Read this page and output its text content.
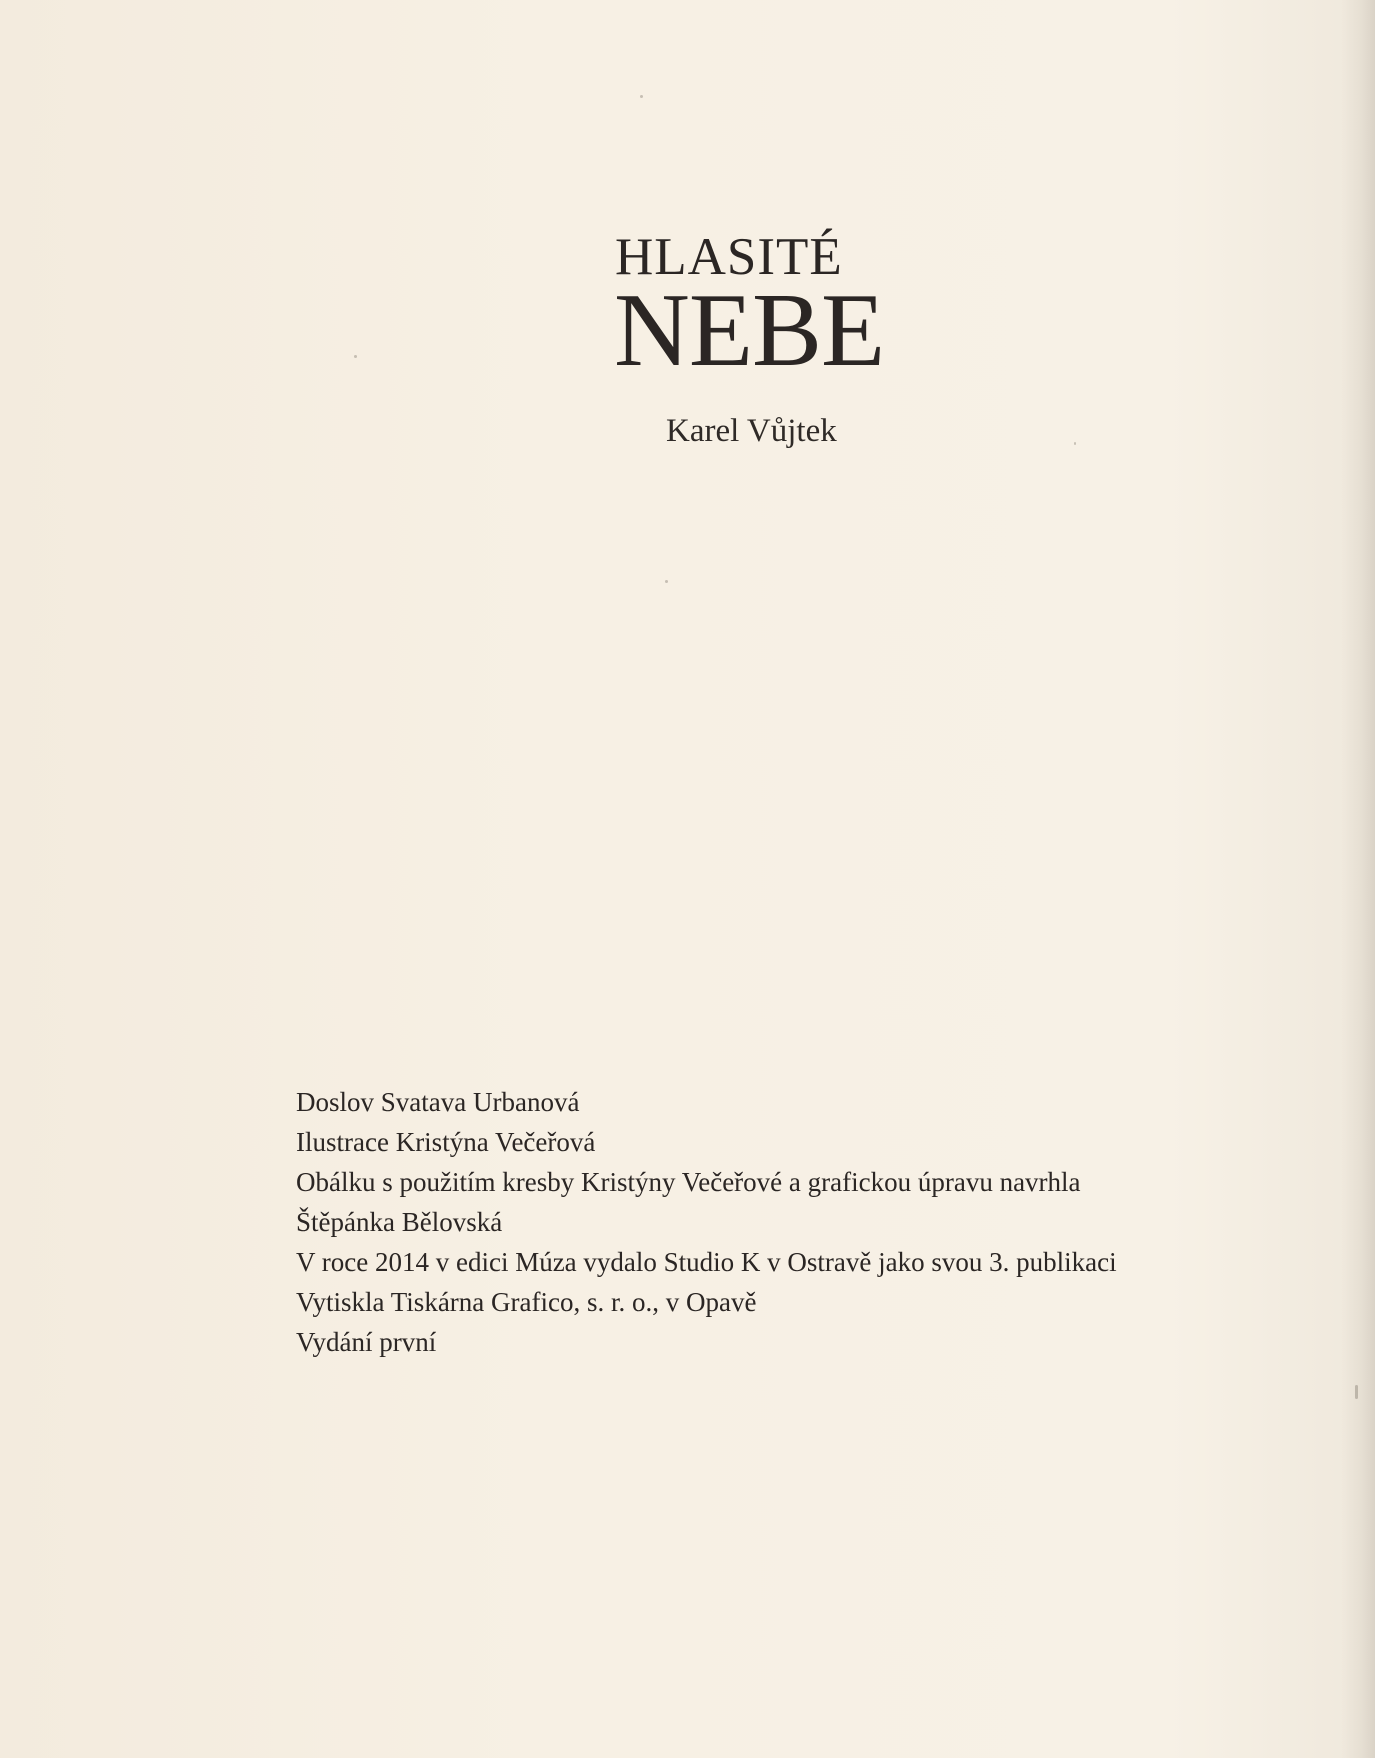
HLASITÉ
NEBE
Karel Vůjtek
Doslov Svatava Urbanová
Ilustrace Kristýna Večeřová
Obálku s použitím kresby Kristýny Večeřové a grafickou úpravu navrhla
Štěpánka Bělovská
V roce 2014 v edici Múza vydalo Studio K v Ostravě jako svou 3. publikaci
Vytiskla Tiskárna Grafico, s. r. o., v Opavě
Vydání první
